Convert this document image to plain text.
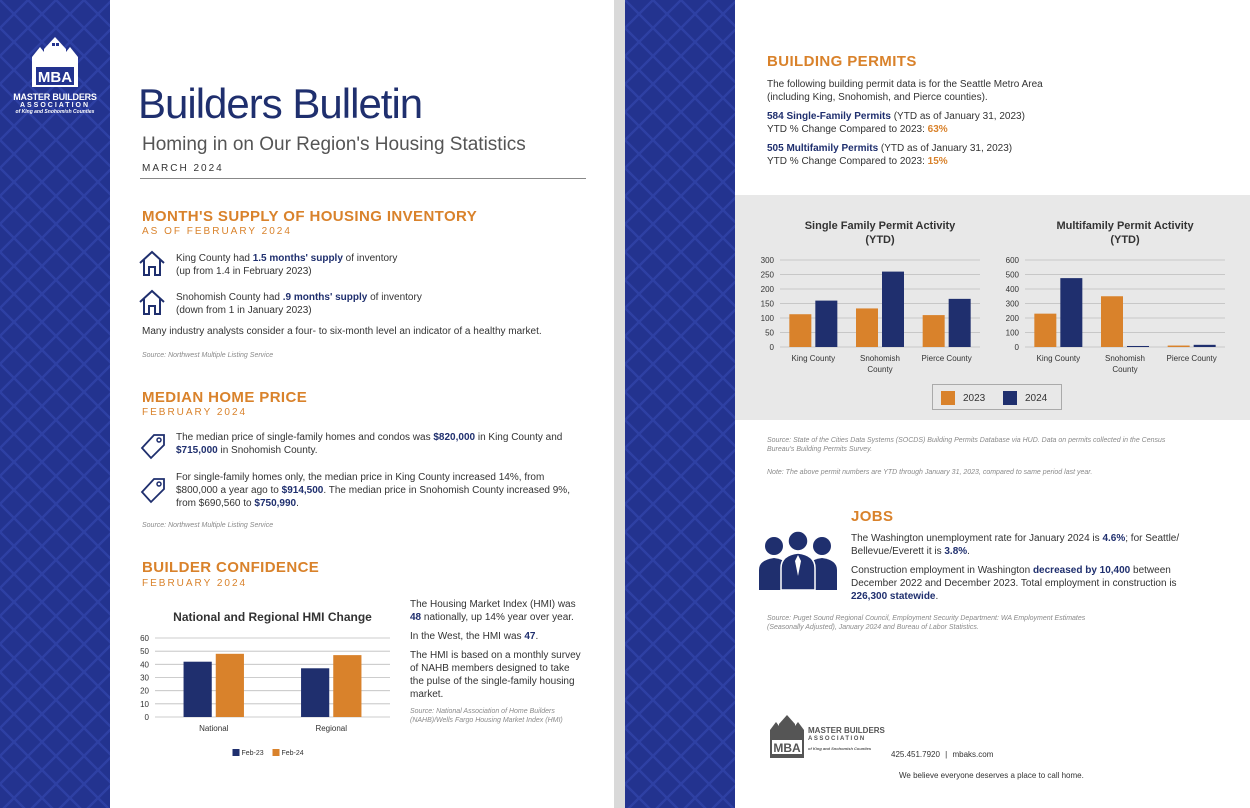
MBA
MASTER BUILDERS
ASSOCIATION
of King and Snohomish Counties Builders Bulletin
Homing in on Our Region's Housing Statistics
MARCH 2024
MONTH'S SUPPLY OF HOUSING INVENTORY
AS OF FEBRUARY 2024
King County had 1.5 months' supply of inventory
(up from 1.4 in February 2023)
Snohomish County had .9 months' supply of inventory
(down from 1 in January 2023)
Many industry analysts consider a four- to six-month level an indicator of a healthy market.
Source: Northwest Multiple Listing Service
MEDIAN HOME PRICE
FEBRUARY 2024
The median price of single-family homes and condos was $820,000 in King County and
$715,000 in Snohomish County.
For single-family homes only, the median price in King County increased 14%, from
$800,000 a year ago to $914,500. The median price in Snohomish County increased 9%,
from $690,560 to $750,990.
Source: Northwest Multiple Listing Service
BUILDER CONFIDENCE
FEBRUARY 2024
National and Regional HMI Change
0
10
20
30
40
50
60
National	Regional
Feb-23	Feb-24
The Housing Market Index (HMI) was
48 nationally, up 14% year over year.
In the West, the HMI was 47.
The HMI is based on a monthly survey
of NAHB members designed to take
the pulse of the single-family housing
market.
Source: National Association of Home Builders
(NAHB)/Wells Fargo Housing Market Index (HMI)
BUILDING PERMITS
The following building permit data is for the Seattle Metro Area
(including King, Snohomish, and Pierce counties).
584 Single-Family Permits (YTD as of January 31, 2023)
YTD % Change Compared to 2023: 63%
505 Multifamily Permits (YTD as of January 31, 2023)
YTD % Change Compared to 2023: 15%
Single Family Permit Activity
(YTD)
0
50
100
150
200
250
300
King County	Snohomish
County
Pierce County
Multifamily Permit Activity
(YTD)
0
100
200
300
400
500
600
King County	Snohomish
County
Pierce County
2023	2024
Source: State of the Cities Data Systems (SOCDS) Building Permits Database via HUD. Data on permits collected in the Census
Bureau's Building Permits Survey.
Note: The above permit numbers are YTD through January 31, 2023, compared to same period last year.
JOBS
The Washington unemployment rate for January 2024 is 4.6%; for Seattle/
Bellevue/Everett it is 3.8%.
Construction employment in Washington decreased by 10,400 between
December 2022 and December 2023. Total employment in construction is
226,300 statewide.
Source: Puget Sound Regional Council, Employment Security Department: WA Employment Estimates
(Seasonally Adjusted), January 2024 and Bureau of Labor Statistics.
MBA
MASTER BUILDERS
ASSOCIATION
of King and Snohomish Counties
425.451.7920 | mbaks.com
We believe everyone deserves a place to call home.
